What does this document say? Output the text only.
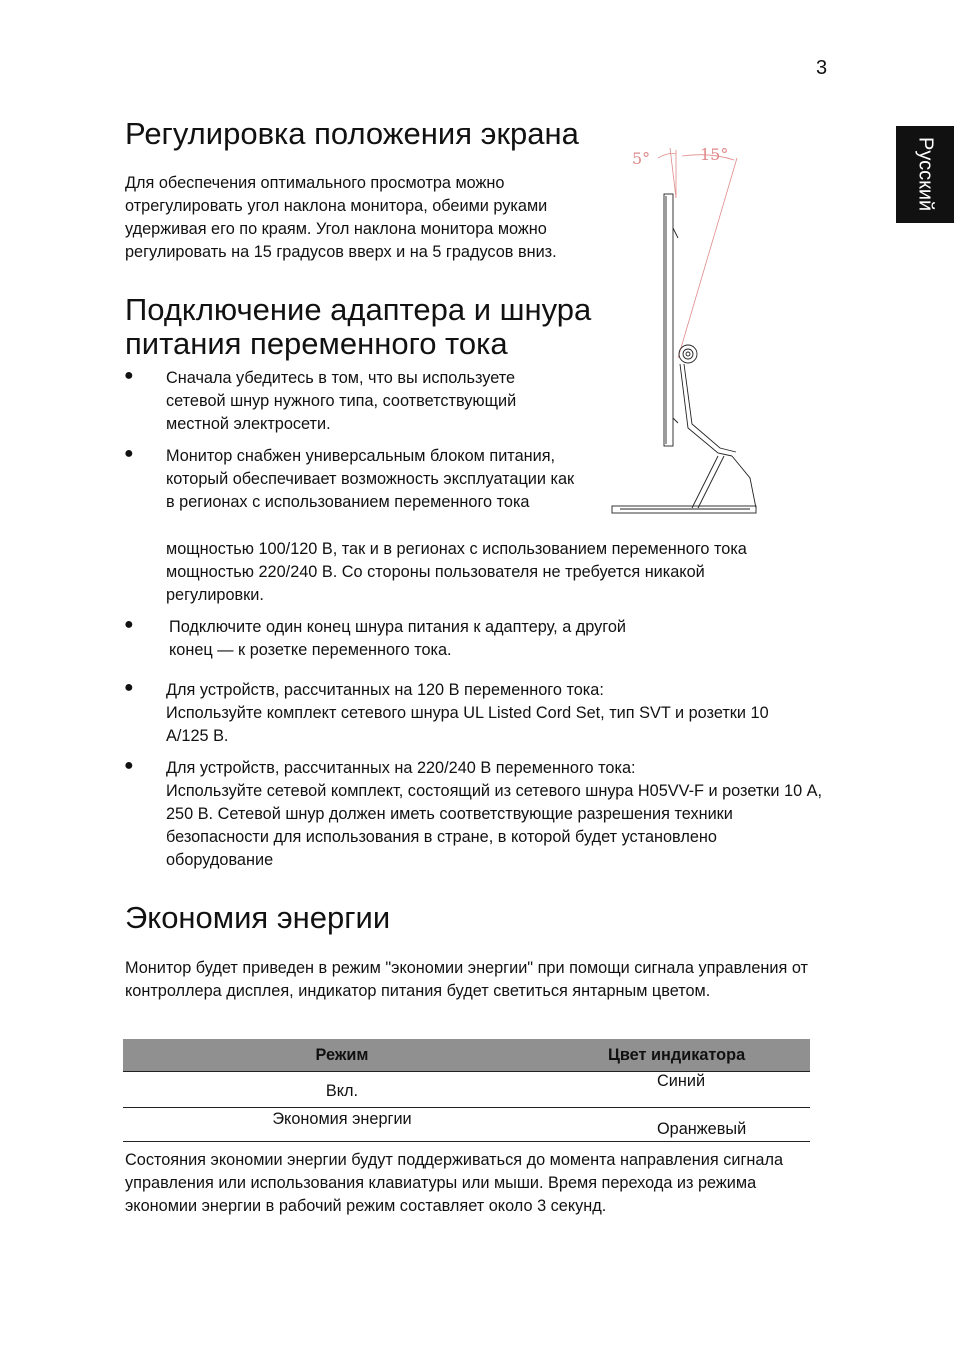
3
Русский
Регулировка положения экрана

Для обеспечения оптимального просмотра можно отрегулировать угол наклона монитора, обеими руками удерживая его по краям. Угол наклона монитора можно регулировать на 15 градусов вверх и на 5 градусов вниз.

Подключение адаптера и шнура
питания переменного тока
● Сначала убедитесь в том, что вы используете сетевой шнур нужного типа, соответствующий местной электросети.

● Монитор снабжен универсальным блоком питания, который обеспечивает возможность эксплуатации как в регионах с использованием переменного тока

мощностью 100/120 В, так и в регионах с использованием переменного тока мощностью 220/240 В. Со стороны пользователя не требуется никакой регулировки.

● Подключите один конец шнура питания к адаптеру, а другой конец — к розетке переменного тока.

● Для устройств, рассчитанных на 120 В переменного тока:
Используйте комплект сетевого шнура UL Listed Cord Set, тип SVT и розетки 10 А/125 В.
● Для устройств, рассчитанных на 220/240 В переменного тока:
Используйте сетевой комплект, состоящий из сетевого шнура H05VV-F и розетки 10 A, 250 B. Сетевой шнур должен иметь соответствующие разрешения техники безопасности для использования в стране, в которой будет установлено оборудование
5°	15°
Экономия энергии

Монитор будет приведен в режим "экономии энергии" при помощи сигнала управления от контроллера дисплея, индикатор питания будет светиться янтарным цветом.

Режим	Цвет индикатора
Вкл.	Синий
Экономия энергии	Оранжевый

Состояния экономии энергии будут поддерживаться до момента направления сигнала управления или использования клавиатуры или мыши. Время перехода из режима экономии энергии в рабочий режим составляет около 3 секунд.
